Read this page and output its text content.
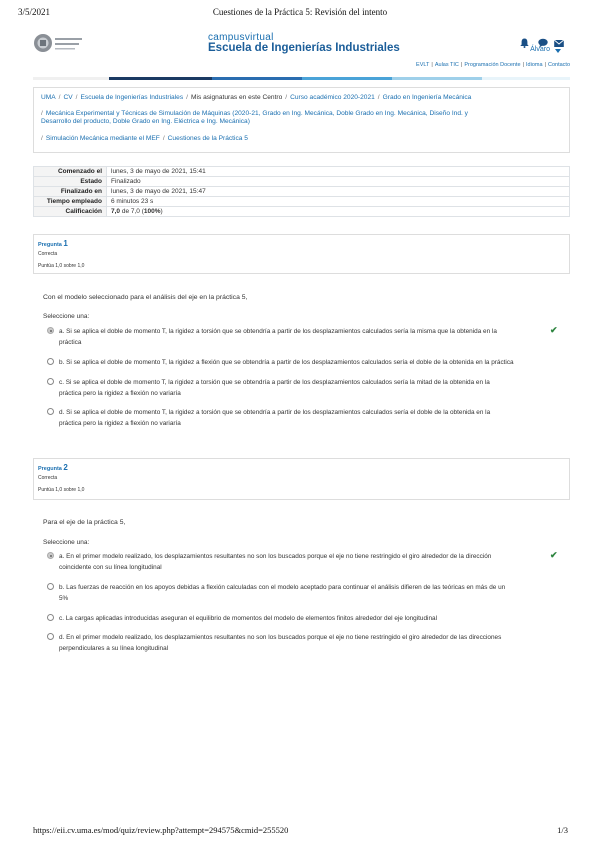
3/5/2021	Cuestiones de la Práctica 5: Revisión del intento
https://eii.cv.uma.es/mod/quiz/review.php?attempt=294575&cmid=255520	1/3
campusvirtual
Escuela de Ingenierías Industriales	Álvaro
EVLT | Aulas TIC | Programación Docente | Idioma | Contacto
UMA / CV / Escuela de Ingenierías Industriales / Mis asignaturas en este Centro / Curso académico 2020-2021 / Grado en Ingeniería Mecánica
/ Mecánica Experimental y Técnicas de Simulación de Máquinas (2020-21, Grado en Ing. Mecánica, Doble Grado en Ing. Mecánica, Diseño Ind. y
Desarrollo del producto, Doble Grado en Ing. Eléctrica e Ing. Mecánica)
/ Simulación Mecánica mediante el MEF / Cuestiones de la Práctica 5
Comenzado el	lunes, 3 de mayo de 2021, 15:41
Estado	Finalizado
Finalizado en	lunes, 3 de mayo de 2021, 15:47
Tiempo empleado	6 minutos 23 s
Calificación	7,0 de 7,0 (100%)
Pregunta 1
Correcta
Puntúa 1,0 sobre 1,0
Con el modelo seleccionado para el análisis del eje en la práctica 5,
Seleccione una:
a. Si se aplica el doble de momento T, la rigidez a torsión que se obtendría a partir de los desplazamientos calculados sería la misma que la obtenida en la
práctica
✔
b. Si se aplica el doble de momento T, la rigidez a flexión que se obtendría a partir de los desplazamientos calculados sería el doble de la obtenida en la práctica
c. Si se aplica el doble de momento T, la rigidez a torsión que se obtendría a partir de los desplazamientos calculados sería la mitad de la obtenida en la
práctica pero la rigidez a flexión no variaría
d. Si se aplica el doble de momento T, la rigidez a torsión que se obtendría a partir de los desplazamientos calculados sería el doble de la obtenida en la
práctica pero la rigidez a flexión no variaría
Pregunta 2
Correcta
Puntúa 1,0 sobre 1,0
Para el eje de la práctica 5,
Seleccione una:
a. En el primer modelo realizado, los desplazamientos resultantes no son los buscados porque el eje no tiene restringido el giro alrededor de la dirección
coincidente con su línea longitudinal
✔
b. Las fuerzas de reacción en los apoyos debidas a flexión calculadas con el modelo aceptado para continuar el análisis difieren de las teóricas en más de un
5%
c. La cargas aplicadas introducidas aseguran el equilibrio de momentos del modelo de elementos finitos alrededor del eje longitudinal
d. En el primer modelo realizado, los desplazamientos resultantes no son los buscados porque el eje no tiene restringido el giro alrededor de las direcciones
perpendiculares a su línea longitudinal
